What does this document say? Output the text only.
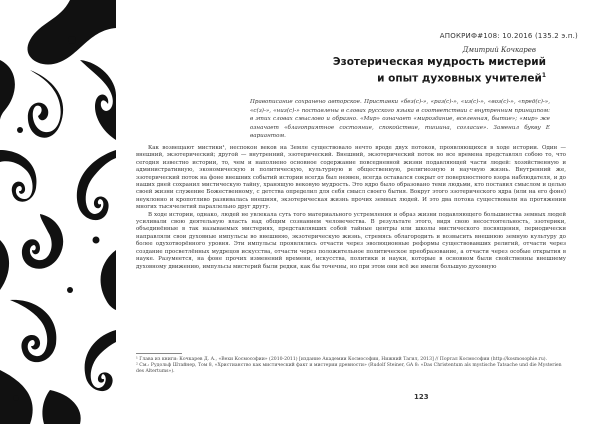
АПОКРИФ#108: 10.2016 (135.2 э.п.)
Дмитрий Кочкарев
Эзотерическая мудрость мистерий
и опыт духовных учителей$^1$
Правописание сохранено авторское. Приставки «без(с)-», «раз(с)-», «из(с)-», «воз(с)-», «пред(с)-», «с(з)-», «низ(с)-» поставлены в словах русского языка в соответствии с внутренним принципом: в этих словах смыслово и образно. «Мир» означает «мироздание, вселенная, бытие»; «мир» же означает «благоприятное состояние, спокойствие, тишина, согласие». Заменил букву Е вариантом.

Как возвещают мистики¹, неспокон веков на Земле существовало нечто вроде двух потоков, проявляющихся в ходе истории. Один — внешний, экзотерический; другой — внутренний, эзотерический. Внешний, экзотерический поток во все времена представлял собою то, что сегодня известно истории, то, чем и наполнено основное содержание повседневной жизни подавляющей части людей: хозяйственную и административную, экономическую и политическую, культурную и общественную, религиозную и научную жизнь. Внутренний же, эзотерический поток на фоне внешних событий истории всегда был неявен, всегда оставался сокрыт от поверхностного взора наблюдателя, и до наших дней сохранил мистическую тайну, хранящую вековую мудрость. Это ядро было образовано теми людьми, кто поставил смыслом и целью своей жизни служение Божественному, с детства определил для себя смысл своего бытия. Вокруг этого эзотерического ядра (или на его фоне) неуклонно и кропотливо развивалась внешняя, экзотерическая жизнь прочих земных людей. И это два потока существовали на протяжении многих тысячелетий параллельно друг другу.

В ходе истории, однако, людей не увлекала суть того материального устремления и образ жизни подавляющего большинства земных людей усиливали свою деятельную власть над общим сознанием человечества. В результате этого, видя свою несостоятельность, эзотерики, объединённые в так называемых мистериях, представлявших собой тайные центры или школы мистического посвящения, периодически направляли свои духовные импульсы во внешнюю, экзотерическую жизнь, стремясь облагородить и возвысить внешнюю земную культуру до более одухотворённого уровня. Эти импульсы проявлялись отчасти через эволюционные реформы существовавших религий, отчасти через создание просветлённых мудрецов искусства, отчасти через положительное политическое преобразование, а отчасти через особые открытия в науке. Разумеется, на фоне прочих изменений времени, искусства, политики и науки, которые в основном были свойственны внешнему духовному движению, импульсы мистерий были редки, как бы точечны, но при этом они всё же имели большую духовную

¹ Глава из книги: Кочкарев Д. А., «Вехи Космософии» (2010-2011) [издание Академии Космософии, Нижний Тагил, 2013] // Портал Космософии (http://kosmosophie.ru).

² См.: Рудольф Штайнер, Том 8, «Христианство как мистический факт и мистерии древности» (Rudolf Steiner, GA 8: «Das Christentum als mystische Tatsache und die Mysterien des Altertums»).

123
